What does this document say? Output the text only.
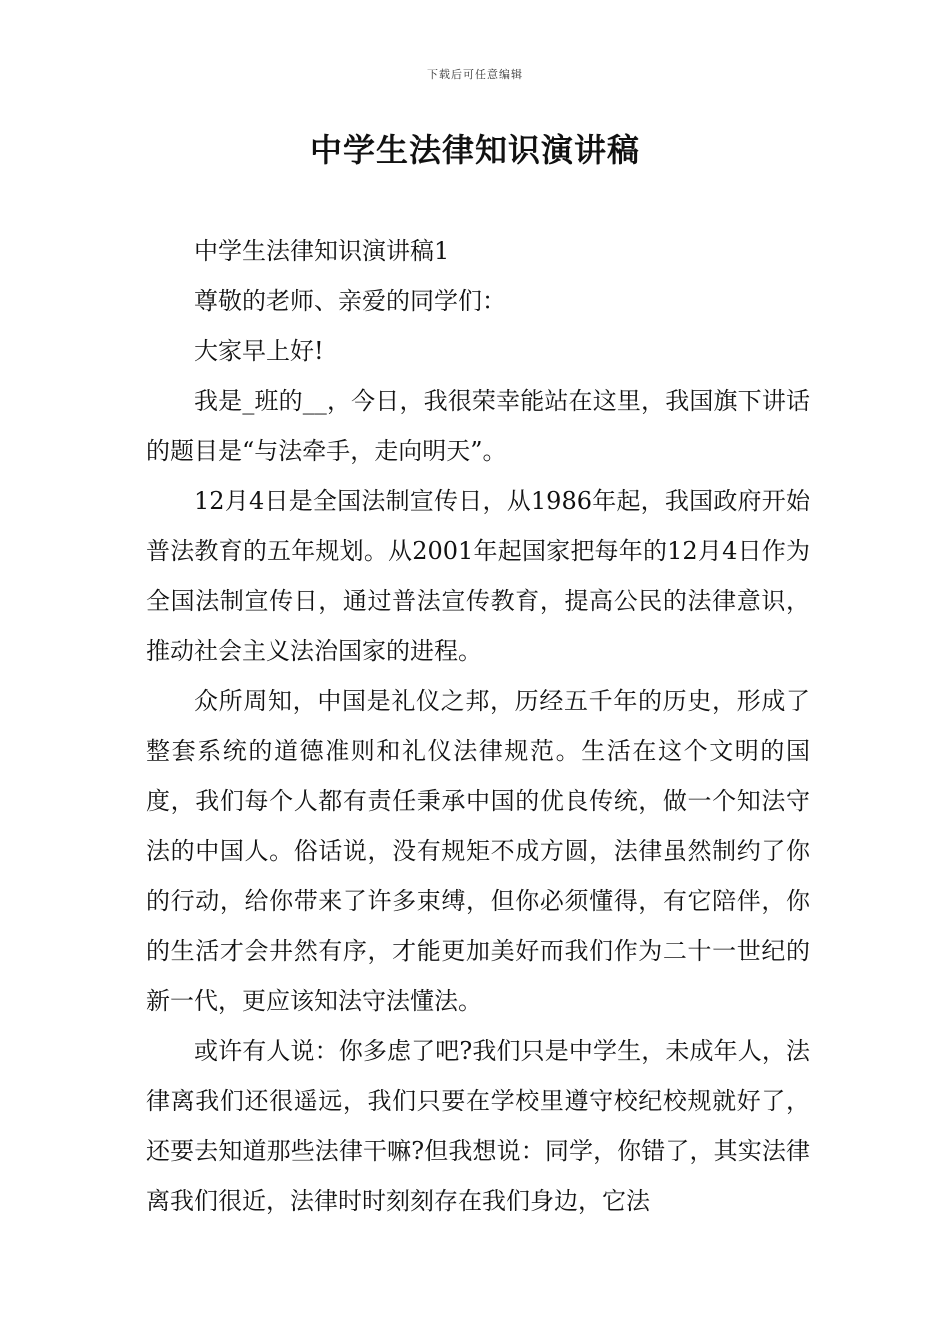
下载后可任意编辑
中学生法律知识演讲稿

中学生法律知识演讲稿1

尊敬的老师、亲爱的同学们：

大家早上好!

我是_班的__，今日，我很荣幸能站在这里，我国旗下讲话的题目是“与法牵手，走向明天”。

12月4日是全国法制宣传日，从1986年起，我国政府开始普法教育的五年规划。从2001年起国家把每年的12月4日作为全国法制宣传日，通过普法宣传教育，提高公民的法律意识，推动社会主义法治国家的进程。

众所周知，中国是礼仪之邦，历经五千年的历史，形成了整套系统的道德准则和礼仪法律规范。生活在这个文明的国度，我们每个人都有责任秉承中国的优良传统，做一个知法守法的中国人。俗话说，没有规矩不成方圆，法律虽然制约了你的行动，给你带来了许多束缚，但你必须懂得，有它陪伴，你的生活才会井然有序，才能更加美好而我们作为二十一世纪的新一代，更应该知法守法懂法。

或许有人说：你多虑了吧?我们只是中学生，未成年人，法律离我们还很遥远，我们只要在学校里遵守校纪校规就好了，还要去知道那些法律干嘛?但我想说：同学，你错了，其实法律离我们很近，法律时时刻刻存在我们身边，它法
